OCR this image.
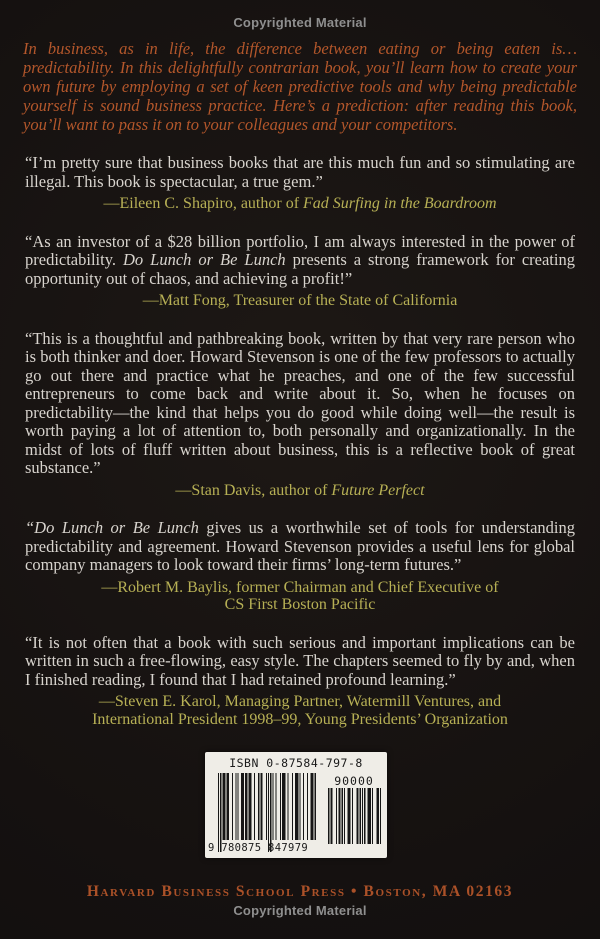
Copyrighted Material

In business, as in life, the difference between eating or being eaten is…predictability. In this delightfully contrarian book, you’ll learn how to create your own future by employing a set of keen predictive tools and why being predictable yourself is sound business practice. Here’s a prediction: after reading this book, you’ll want to pass it on to your colleagues and your competitors.

“I’m pretty sure that business books that are this much fun and so stimulating are illegal. This book is spectacular, a true gem.”

—Eileen C. Shapiro, author of Fad Surfing in the Boardroom

“As an investor of a $28 billion portfolio, I am always interested in the power of predictability. Do Lunch or Be Lunch presents a strong framework for creating opportunity out of chaos, and achieving a profit!”

—Matt Fong, Treasurer of the State of California

“This is a thoughtful and pathbreaking book, written by that very rare person who is both thinker and doer. Howard Stevenson is one of the few professors to actually go out there and practice what he preaches, and one of the few successful entrepreneurs to come back and write about it. So, when he focuses on predictability—the kind that helps you do good while doing well—the result is worth paying a lot of attention to, both personally and organizationally. In the midst of lots of fluff written about business, this is a reflective book of great substance.”

—Stan Davis, author of Future Perfect

“Do Lunch or Be Lunch gives us a worthwhile set of tools for understanding predictability and agreement. Howard Stevenson provides a useful lens for global company managers to look toward their firms’ long-term futures.”

—Robert M. Baylis, former Chairman and Chief Executive of
CS First Boston Pacific

“It is not often that a book with such serious and important implications can be written in such a free-flowing, easy style. The chapters seemed to fly by and, when I finished reading, I found that I had retained profound learning.”

—Steven E. Karol, Managing Partner, Watermill Ventures, and
International President 1998–99, Young Presidents’ Organization
ISBN 0-87584-797-8
90000
9 780875 847979
Harvard Business School Press • Boston, MA 02163
Copyrighted Material
